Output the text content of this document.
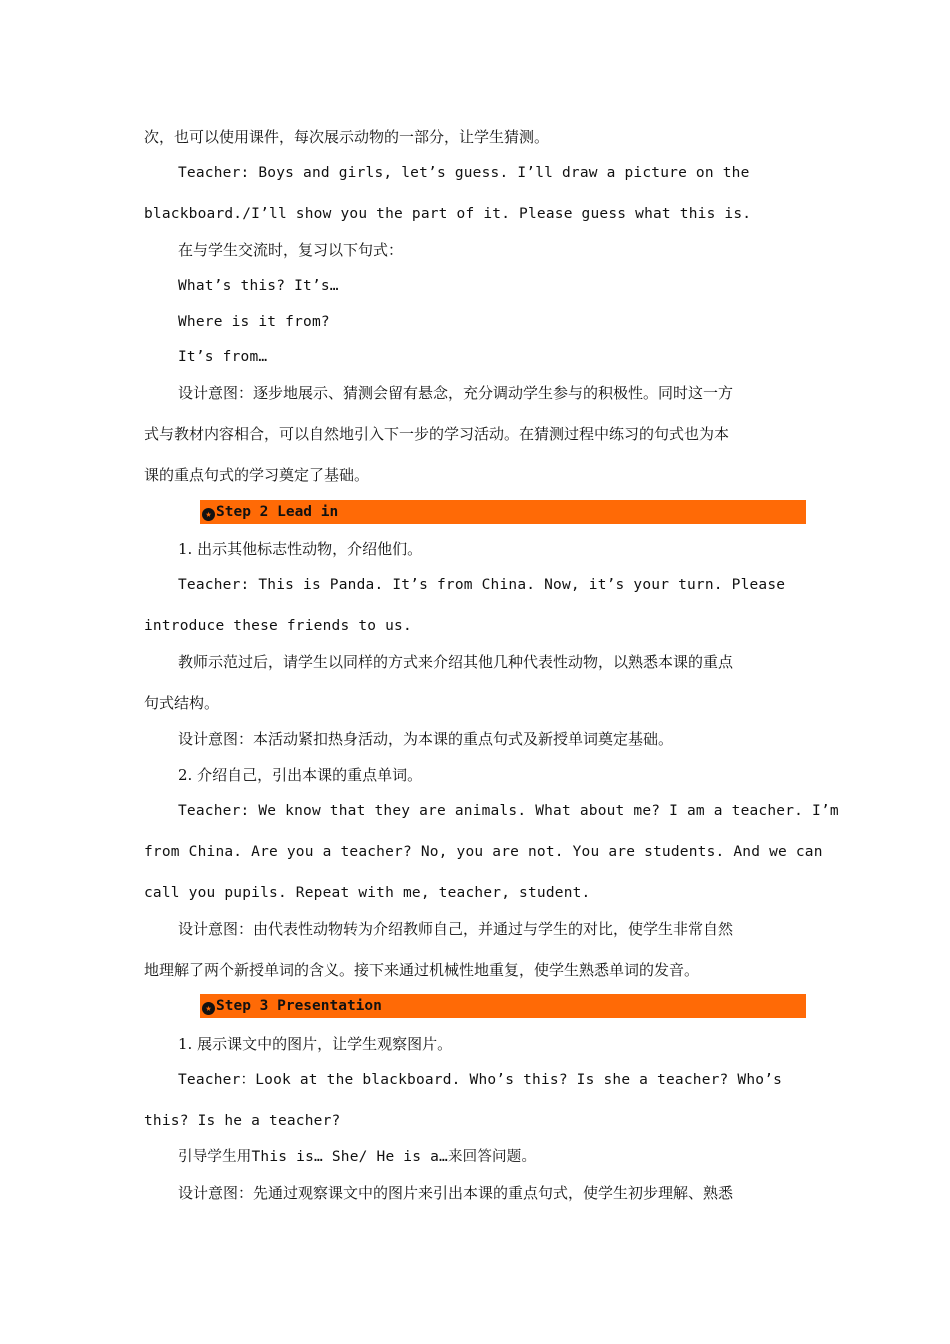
次，也可以使用课件，每次展示动物的一部分，让学生猜测。
Teacher: Boys and girls, let’s guess. I’ll draw a picture on the
blackboard./I’ll show you the part of it. Please guess what this is.
在与学生交流时，复习以下句式：
What’s this? It’s…
Where is it from?
It’s from…
设计意图：逐步地展示、猜测会留有悬念，充分调动学生参与的积极性。同时这一方
式与教材内容相合，可以自然地引入下一步的学习活动。在猜测过程中练习的句式也为本
课的重点句式的学习奠定了基础。
★ Step 2 Lead in
1. 出示其他标志性动物，介绍他们。
Teacher: This is Panda. It’s from China. Now, it’s your turn. Please
introduce these friends to us.
教师示范过后，请学生以同样的方式来介绍其他几种代表性动物，以熟悉本课的重点
句式结构。
设计意图：本活动紧扣热身活动，为本课的重点句式及新授单词奠定基础。
2. 介绍自己，引出本课的重点单词。
Teacher: We know that they are animals. What about me? I am a teacher. I’m
from China. Are you a teacher? No, you are not. You are students. And we can
call you pupils. Repeat with me, teacher, student.
设计意图：由代表性动物转为介绍教师自己，并通过与学生的对比，使学生非常自然
地理解了两个新授单词的含义。接下来通过机械性地重复，使学生熟悉单词的发音。
★ Step 3 Presentation
1. 展示课文中的图片，让学生观察图片。
Teacher：Look at the blackboard. Who’s this? Is she a teacher? Who’s
this? Is he a teacher?
引导学生用This is… She/ He is a…来回答问题。
设计意图：先通过观察课文中的图片来引出本课的重点句式，使学生初步理解、熟悉
